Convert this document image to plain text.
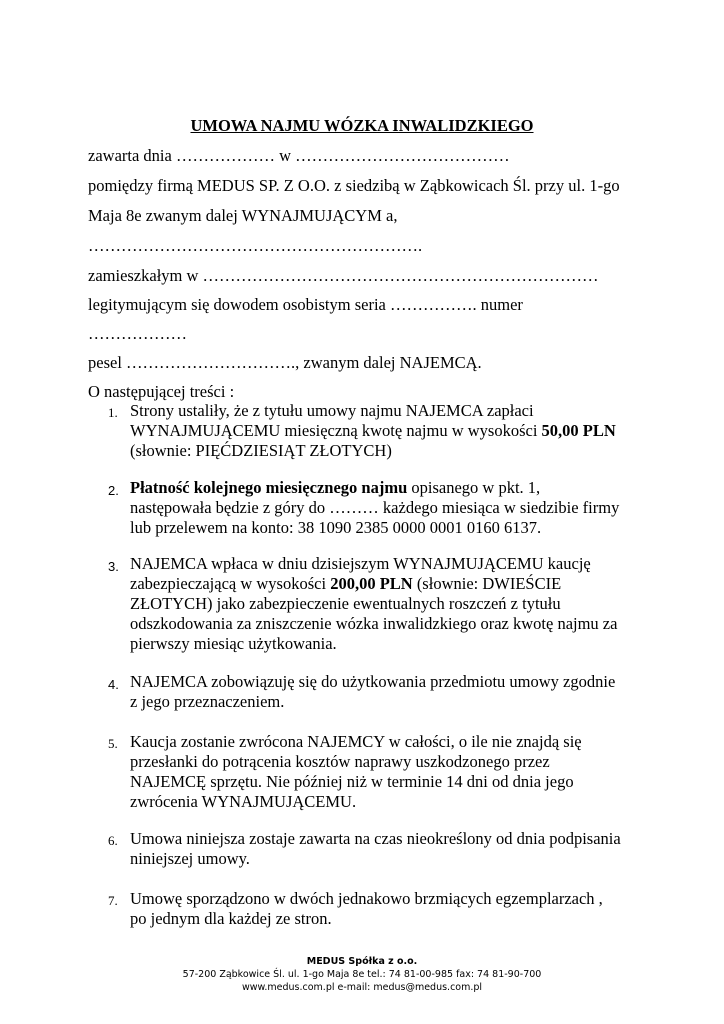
UMOWA NAJMU WÓZKA INWALIDZKIEGO

zawarta dnia ……………… w …………………………………

pomiędzy firmą MEDUS SP. Z O.O. z siedzibą w Ząbkowicach Śl. przy ul. 1-go

Maja 8e zwanym dalej WYNAJMUJĄCYM a,

…………………………………………………….

zamieszkałym w ………………………………………………………………

legitymującym się dowodem osobistym seria ……………. numer

………………

pesel …………………………., zwanym dalej NAJEMCĄ.

O następującej treści :

1. Strony ustaliły, że z tytułu umowy najmu NAJEMCA zapłaci
WYNAJMUJĄCEMU miesięczną kwotę najmu w wysokości 50,00 PLN
(słownie: PIĘĆDZIESIĄT ZŁOTYCH)
2. Płatność kolejnego miesięcznego najmu opisanego w pkt. 1,
następowała będzie z góry do ……… każdego miesiąca w siedzibie firmy
lub przelewem na konto: 38 1090 2385 0000 0001 0160 6137.
3. NAJEMCA wpłaca w dniu dzisiejszym WYNAJMUJĄCEMU kaucję
zabezpieczającą w wysokości 200,00 PLN (słownie: DWIEŚCIE
ZŁOTYCH) jako zabezpieczenie ewentualnych roszczeń z tytułu
odszkodowania za zniszczenie wózka inwalidzkiego oraz kwotę najmu za
pierwszy miesiąc użytkowania.
4. NAJEMCA zobowiązuję się do użytkowania przedmiotu umowy zgodnie
z jego przeznaczeniem.
5. Kaucja zostanie zwrócona NAJEMCY w całości, o ile nie znajdą się
przesłanki do potrącenia kosztów naprawy uszkodzonego przez
NAJEMCĘ sprzętu. Nie później niż w terminie 14 dni od dnia jego
zwrócenia WYNAJMUJĄCEMU.
6. Umowa niniejsza zostaje zawarta na czas nieokreślony od dnia podpisania
niniejszej umowy.
7. Umowę sporządzono w dwóch jednakowo brzmiących egzemplarzach ,
po jednym dla każdej ze stron.
MEDUS Spółka z o.o.
57-200 Ząbkowice Śl. ul. 1-go Maja 8e tel.: 74 81-00-985 fax: 74 81-90-700
www.medus.com.pl e-mail: medus@medus.com.pl
